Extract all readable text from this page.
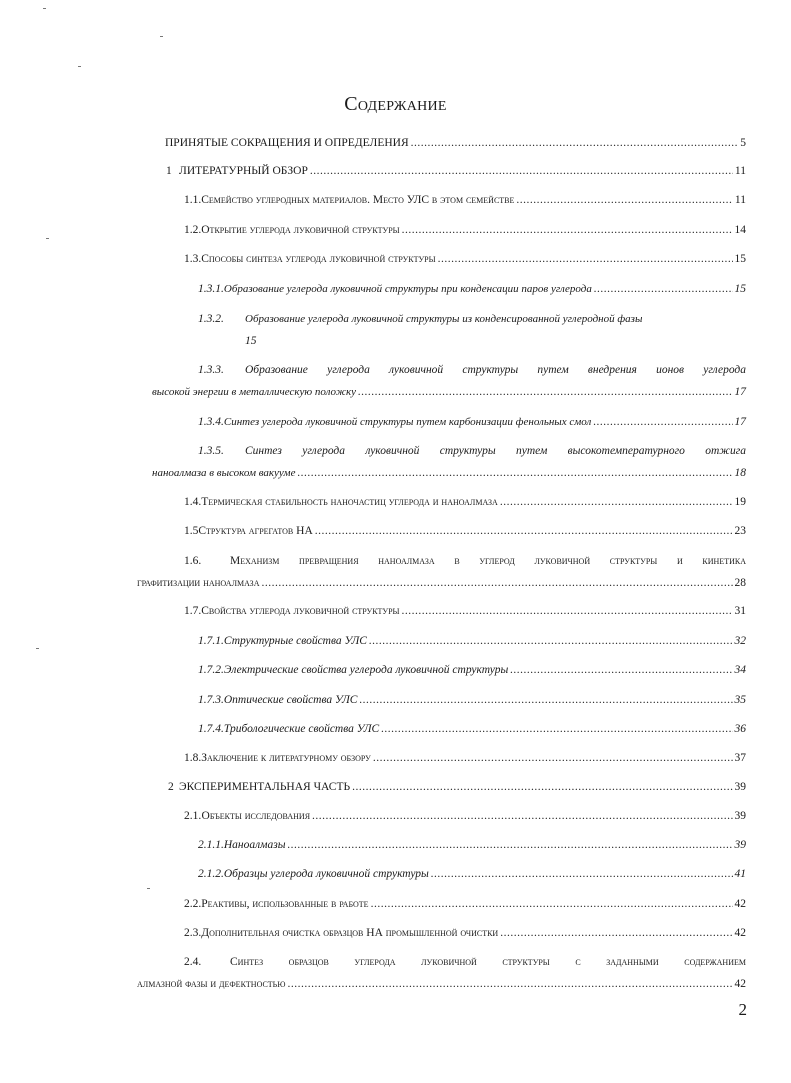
Содержание
ПРИНЯТЫЕ СОКРАЩЕНИЯ И ОПРЕДЕЛЕНИЯ .....	5
1 ЛИТЕРАТУРНЫЙ ОБЗОР .....	11
1.1. Семейство углеродных материалов. Место УЛС в этом семействе .....	11
1.2. Открытие углерода луковичной структуры .....	14
1.3. Способы синтеза углерода луковичной структуры .....	15
1.3.1. Образование углерода луковичной структуры при конденсации паров углерода .....	15
1.3.2.	Образование углерода луковичной структуры из конденсированной углеродной фазы
15
1.3.3.	Образование углерода луковичной структуры путем внедрения ионов углерода
высокой энергии в металлическую положку .....	17
1.3.4. Синтез углерода луковичной структуры путем карбонизации фенольных смол .....	17
1.3.5.	Синтез углерода луковичной структуры путем высокотемпературного отжига
наноалмаза в высоком вакууме .....	18
1.4. Термическая стабильность наночастиц углерода и наноалмаза .....	19
1.5 Структура агрегатов НА .....	23
1.6.	Механизм превращения наноалмаза в углерод луковичной структуры и кинетика
графитизации наноалмаза .....	28
1.7. Свойства углерода луковичной структуры .....	31
1.7.1. Структурные свойства УЛС .....	32
1.7.2. Электрические свойства углерода луковичной структуры .....	34
1.7.3. Оптические свойства УЛС .....	35
1.7.4. Трибологические свойства УЛС .....	36
1.8. Заключение к литературному обзору .....	37
2 ЭКСПЕРИМЕНТАЛЬНАЯ ЧАСТЬ .....	39
2.1. Объекты исследования .....	39
2.1.1. Наноалмазы .....	39
2.1.2. Образцы углерода луковичной структуры .....	41
2.2. Реактивы, использованные в работе .....	42
2.3. Дополнительная очистка образцов НА промышленной очистки .....	42
2.4.	Синтез образцов углерода луковичной структуры с заданными содержанием
алмазной фазы и дефектностью .....	42
2
